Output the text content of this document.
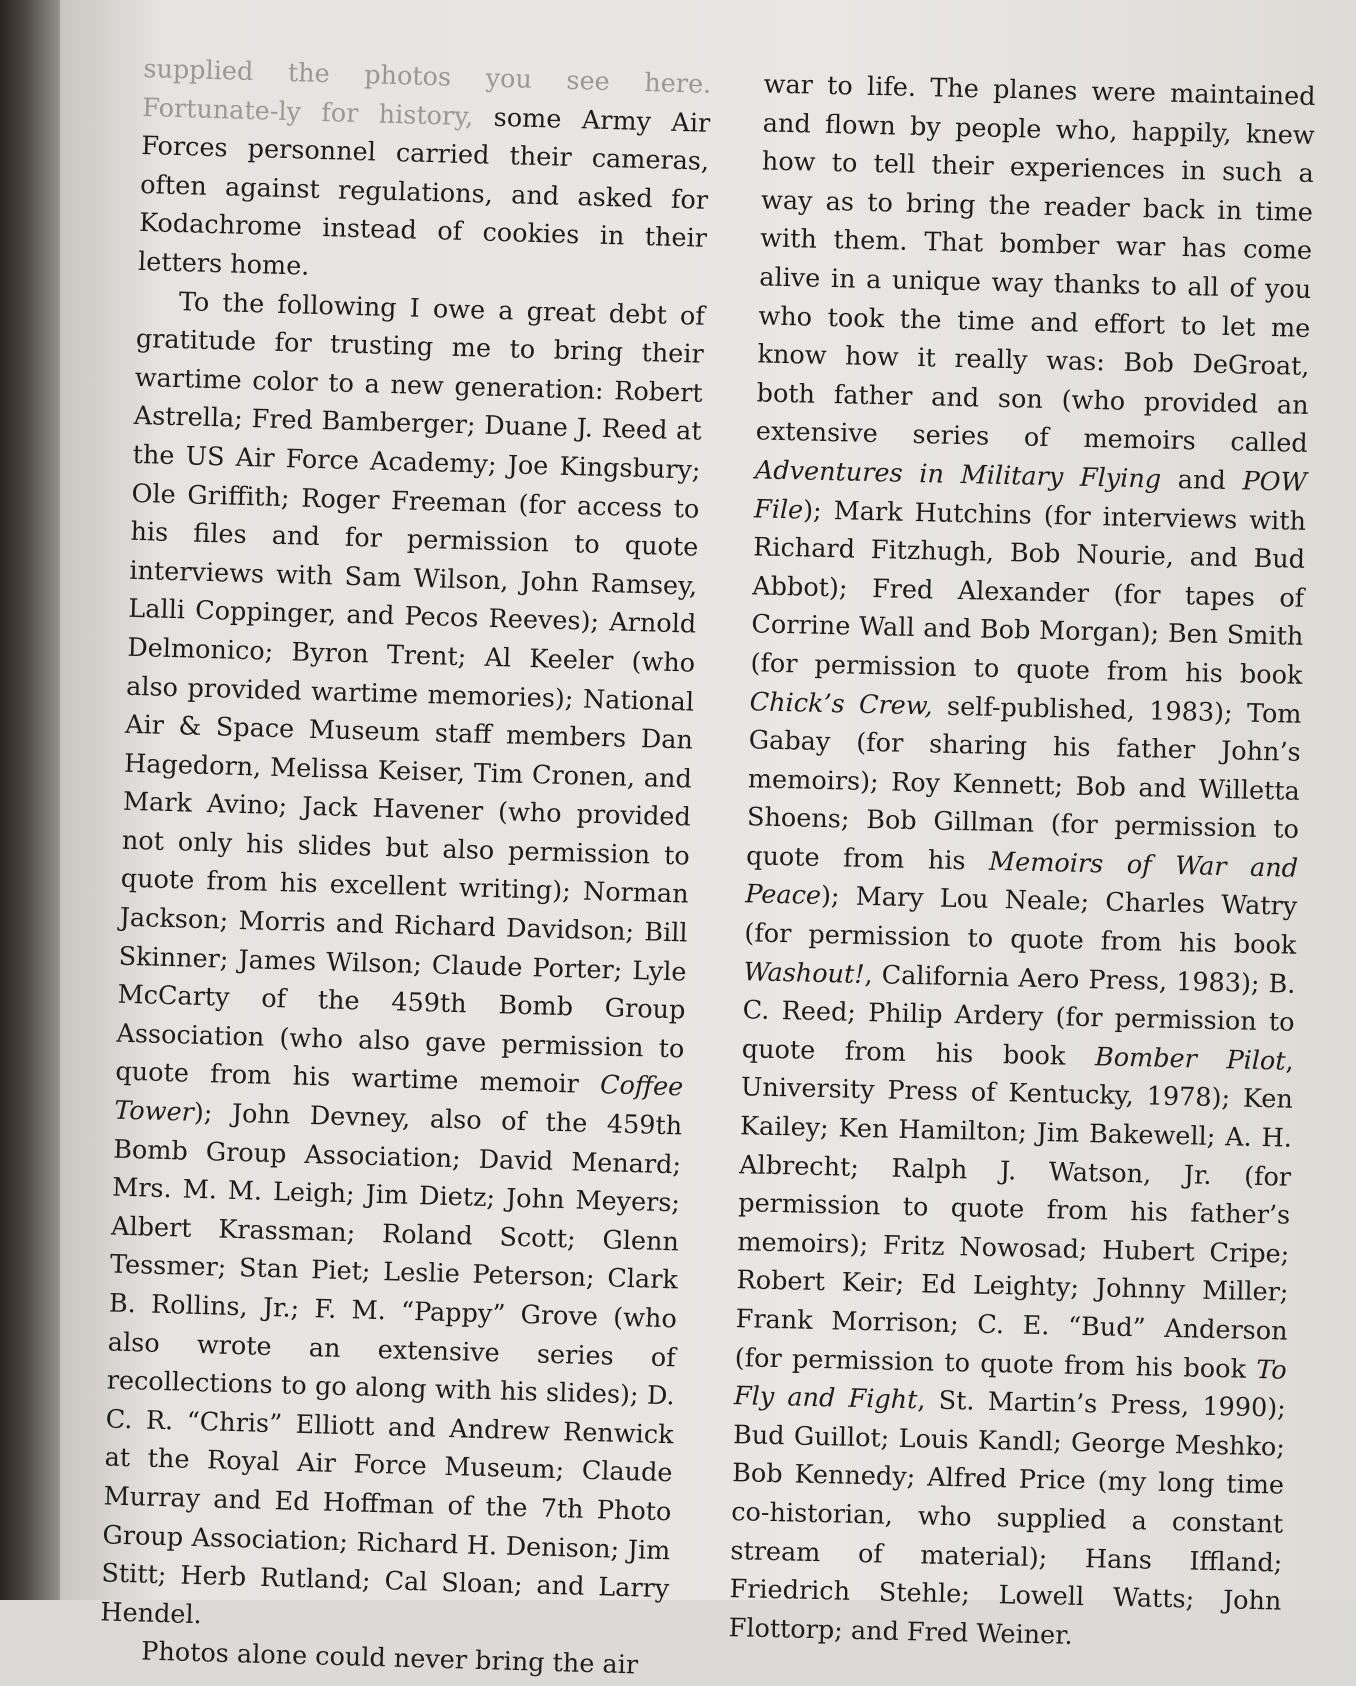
supplied the photos you see here. Fortunate-ly for history, some Army Air Forces personnel carried their cameras, often against regulations, and asked for Kodachrome instead of cookies in their letters home.

To the following I owe a great debt of gratitude for trusting me to bring their wartime color to a new generation: Robert Astrella; Fred Bamberger; Duane J. Reed at the US Air Force Academy; Joe Kingsbury; Ole Griffith; Roger Freeman (for access to his files and for permission to quote interviews with Sam Wilson, John Ramsey, Lalli Coppinger, and Pecos Reeves); Arnold Delmonico; Byron Trent; Al Keeler (who also provided wartime memories); National Air & Space Museum staff members Dan Hagedorn, Melissa Keiser, Tim Cronen, and Mark Avino; Jack Havener (who provided not only his slides but also permission to quote from his excellent writing); Norman Jackson; Morris and Richard Davidson; Bill Skinner; James Wilson; Claude Porter; Lyle McCarty of the 459th Bomb Group Association (who also gave permission to quote from his wartime memoir Coffee Tower); John Devney, also of the 459th Bomb Group Association; David Menard; Mrs. M. M. Leigh; Jim Dietz; John Meyers; Albert Krassman; Roland Scott; Glenn Tessmer; Stan Piet; Leslie Peterson; Clark B. Rollins, Jr.; F. M. “Pappy” Grove (who also wrote an extensive series of recollections to go along with his slides); D. C. R. “Chris” Elliott and Andrew Renwick at the Royal Air Force Museum; Claude Murray and Ed Hoffman of the 7th Photo Group Association; Richard H. Denison; Jim Stitt; Herb Rutland; Cal Sloan; and Larry Hendel.

Photos alone could never bring the air

war to life. The planes were maintained and flown by people who, happily, knew how to tell their experiences in such a way as to bring the reader back in time with them. That bomber war has come alive in a unique way thanks to all of you who took the time and effort to let me know how it really was: Bob DeGroat, both father and son (who provided an extensive series of memoirs called Adventures in Military Flying and POW File); Mark Hutchins (for interviews with Richard Fitzhugh, Bob Nourie, and Bud Abbot); Fred Alexander (for tapes of Corrine Wall and Bob Morgan); Ben Smith (for permission to quote from his book Chick’s Crew, self-published, 1983); Tom Gabay (for sharing his father John’s memoirs); Roy Kennett; Bob and Willetta Shoens; Bob Gillman (for permission to quote from his Memoirs of War and Peace); Mary Lou Neale; Charles Watry (for permission to quote from his book Washout!, California Aero Press, 1983); B. C. Reed; Philip Ardery (for permission to quote from his book Bomber Pilot, University Press of Kentucky, 1978); Ken Kailey; Ken Hamilton; Jim Bakewell; A. H. Albrecht; Ralph J. Watson, Jr. (for permission to quote from his father’s memoirs); Fritz Nowosad; Hubert Cripe; Robert Keir; Ed Leighty; Johnny Miller; Frank Morrison; C. E. “Bud” Anderson (for permission to quote from his book To Fly and Fight, St. Martin’s Press, 1990); Bud Guillot; Louis Kandl; George Meshko; Bob Kennedy; Alfred Price (my long time co-historian, who supplied a constant stream of material); Hans Iffland; Friedrich Stehle; Lowell Watts; John Flottorp; and Fred Weiner.
